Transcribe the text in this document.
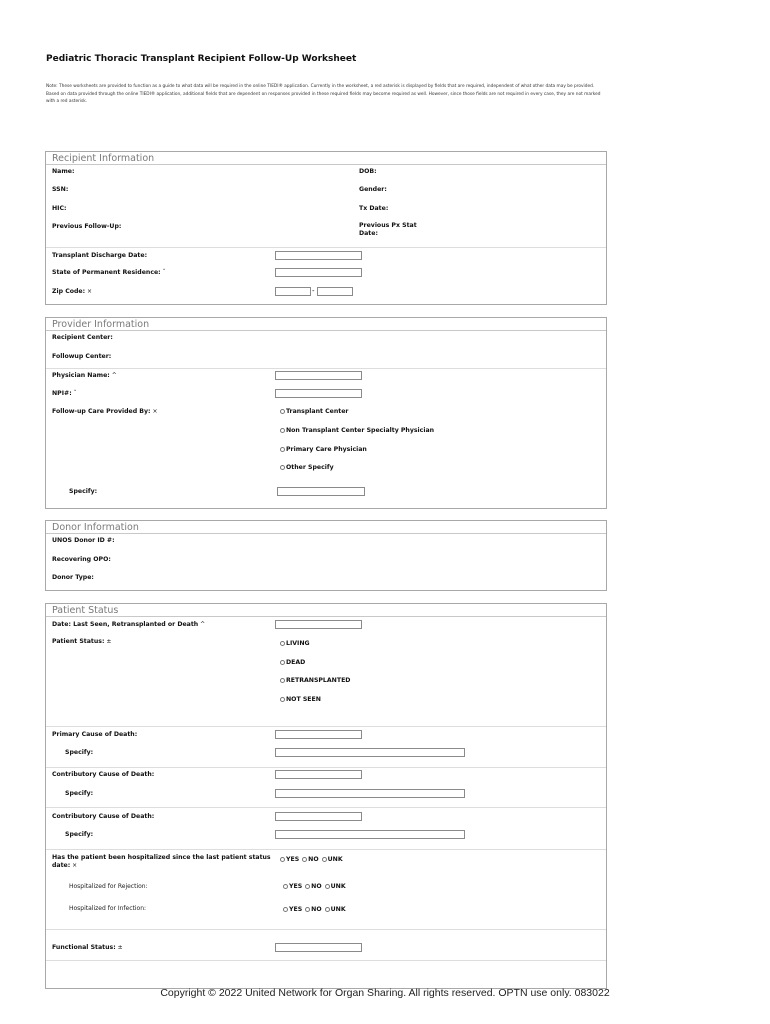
Pediatric Thoracic Transplant Recipient Follow-Up Worksheet
Note: These worksheets are provided to function as a guide to what data will be required in the online TIEDI® application. Currently in the worksheet, a red asterisk is displayed by fields that are required, independent of what other data may be provided. Based on data provided through the online TIEDI® application, additional fields that are dependent on responses provided in these required fields may become required as well. However, since those fields are not required in every case, they are not marked with a red asterisk.
Recipient Information
Name:	DOB:
SSN:	Gender:
HIC:	Tx Date:
Previous Follow-Up:	Previous Px Stat Date:
Transplant Discharge Date:
State of Permanent Residence: ˇ
Zip Code: ×	-
Provider Information
Recipient Center:
Followup Center:
Physician Name: ^
NPI#: ˇ
Follow-up Care Provided By: ×	Transplant Center
Non Transplant Center Specialty Physician
Primary Care Physician
Other Specify
Specify:
Donor Information
UNOS Donor ID #:
Recovering OPO:
Donor Type:
Patient Status
Date: Last Seen, Retransplanted or Death ^
Patient Status: ±	LIVING
DEAD
RETRANSPLANTED
NOT SEEN
Primary Cause of Death:
Specify:
Contributory Cause of Death:
Specify:
Contributory Cause of Death:
Specify:
Has the patient been hospitalized since the last patient status date: ×
YES NO UNK
Hospitalized for Rejection:	YES NO UNK
Hospitalized for Infection:	YES NO UNK
Functional Status: ±
Copyright © 2022 United Network for Organ Sharing. All rights reserved. OPTN use only. 083022
